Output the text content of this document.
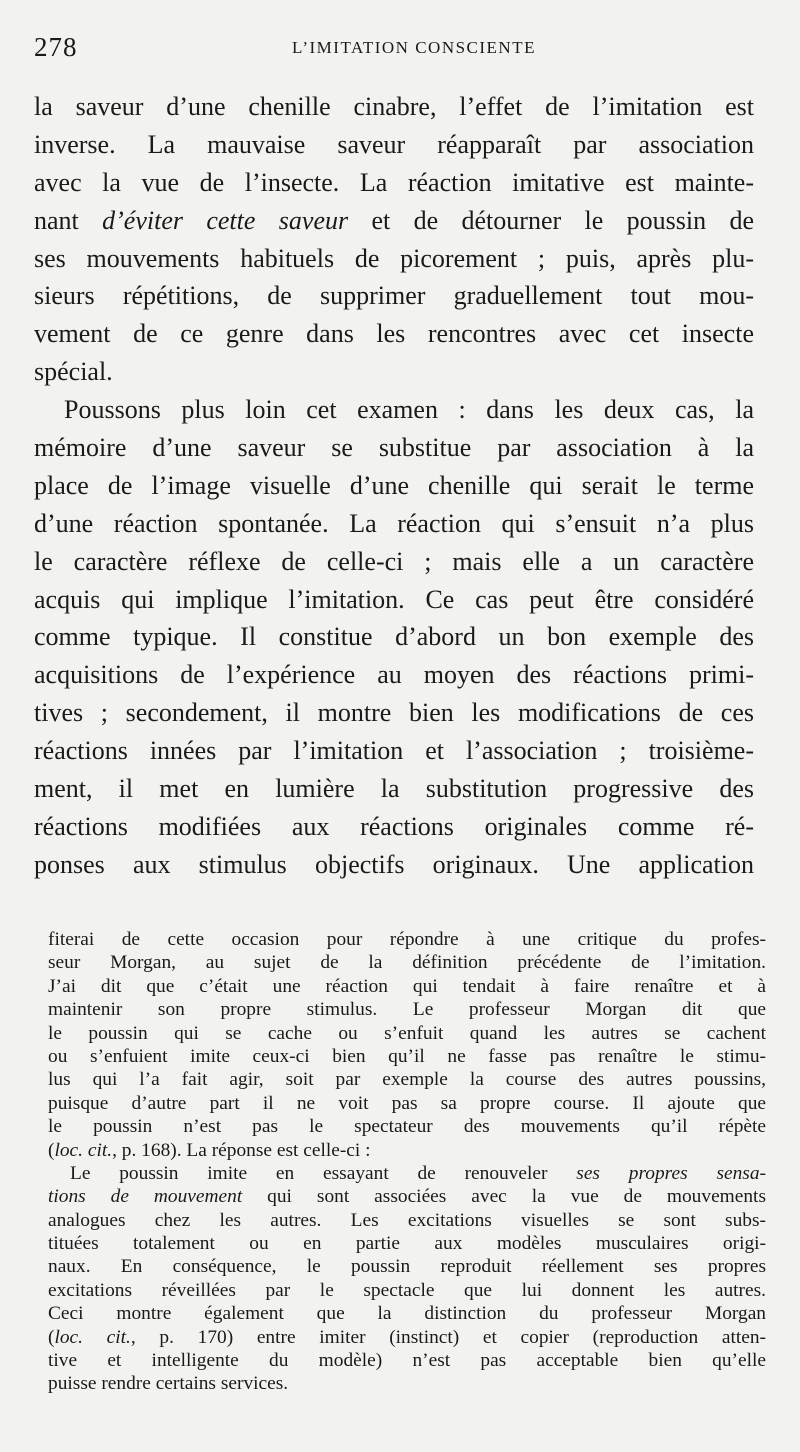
278	L’IMITATION CONSCIENTE
la saveur d’une chenille cinabre, l’effet de l’imitation est
inverse. La mauvaise saveur réapparaît par association
avec la vue de l’insecte. La réaction imitative est mainte-
nant d’éviter cette saveur et de détourner le poussin de
ses mouvements habituels de picorement ; puis, après plu-
sieurs répétitions, de supprimer graduellement tout mou-
vement de ce genre dans les rencontres avec cet insecte
spécial.
Poussons plus loin cet examen : dans les deux cas, la
mémoire d’une saveur se substitue par association à la
place de l’image visuelle d’une chenille qui serait le terme
d’une réaction spontanée. La réaction qui s’ensuit n’a plus
le caractère réflexe de celle-ci ; mais elle a un caractère
acquis qui implique l’imitation. Ce cas peut être considéré
comme typique. Il constitue d’abord un bon exemple des
acquisitions de l’expérience au moyen des réactions primi-
tives ; secondement, il montre bien les modifications de ces
réactions innées par l’imitation et l’association ; troisième-
ment, il met en lumière la substitution progressive des
réactions modifiées aux réactions originales comme ré-
ponses aux stimulus objectifs originaux. Une application
fiterai de cette occasion pour répondre à une critique du profes-
seur Morgan, au sujet de la définition précédente de l’imitation.
J’ai dit que c’était une réaction qui tendait à faire renaître et à
maintenir son propre stimulus. Le professeur Morgan dit que
le poussin qui se cache ou s’enfuit quand les autres se cachent
ou s’enfuient imite ceux-ci bien qu’il ne fasse pas renaître le stimu-
lus qui l’a fait agir, soit par exemple la course des autres poussins,
puisque d’autre part il ne voit pas sa propre course. Il ajoute que
le poussin n’est pas le spectateur des mouvements qu’il répète
(loc. cit., p. 168). La réponse est celle-ci :
Le poussin imite en essayant de renouveler ses propres sensa-
tions de mouvement qui sont associées avec la vue de mouvements
analogues chez les autres. Les excitations visuelles se sont subs-
tituées totalement ou en partie aux modèles musculaires origi-
naux. En conséquence, le poussin reproduit réellement ses propres
excitations réveillées par le spectacle que lui donnent les autres.
Ceci montre également que la distinction du professeur Morgan
(loc. cit., p. 170) entre imiter (instinct) et copier (reproduction atten-
tive et intelligente du modèle) n’est pas acceptable bien qu’elle
puisse rendre certains services.
